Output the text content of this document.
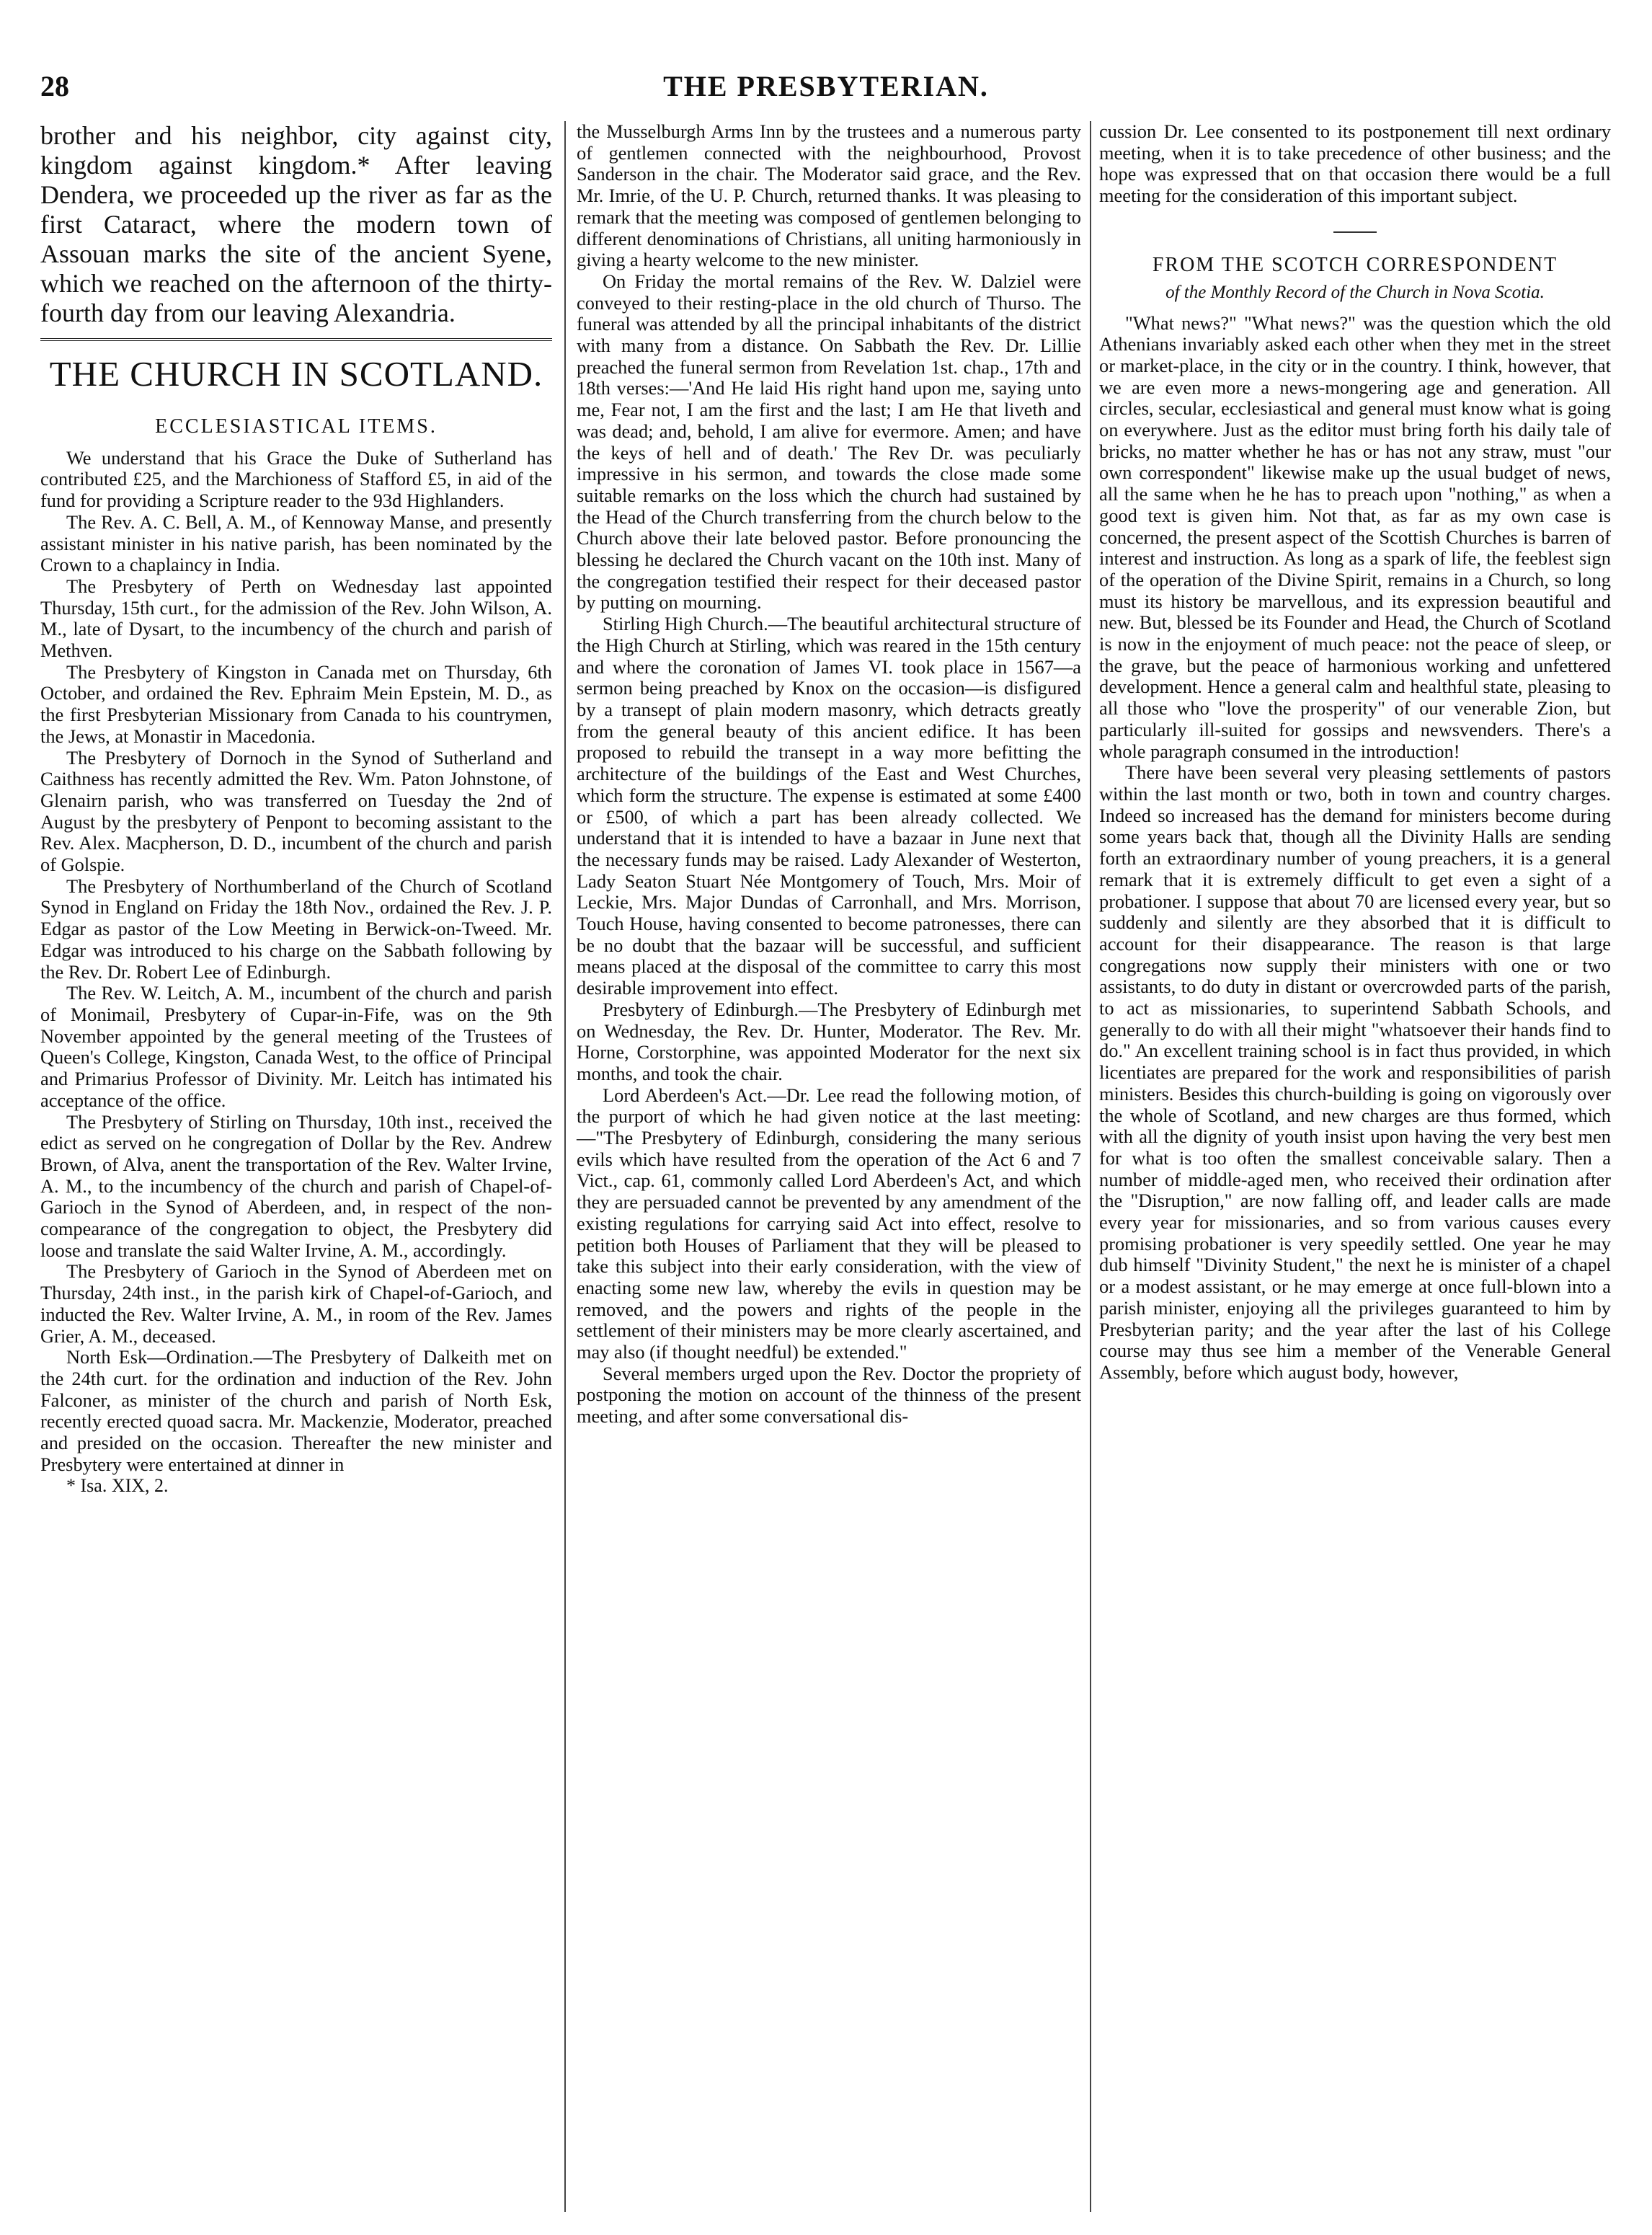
28	THE PRESBYTERIAN.

brother and his neighbor, city against city, kingdom against kingdom.* After leaving Dendera, we proceeded up the river as far as the first Cataract, where the modern town of Assouan marks the site of the ancient Syene, which we reached on the afternoon of the thirty-fourth day from our leaving Alexandria.

THE CHURCH IN SCOTLAND.
ECCLESIASTICAL ITEMS.

We understand that his Grace the Duke of Sutherland has contributed £25, and the Marchioness of Stafford £5, in aid of the fund for providing a Scripture reader to the 93d Highlanders.

The Rev. A. C. Bell, A. M., of Kennoway Manse, and presently assistant minister in his native parish, has been nominated by the Crown to a chaplaincy in India.

The Presbytery of Perth on Wednesday last appointed Thursday, 15th curt., for the admission of the Rev. John Wilson, A. M., late of Dysart, to the incumbency of the church and parish of Methven.

The Presbytery of Kingston in Canada met on Thursday, 6th October, and ordained the Rev. Ephraim Mein Epstein, M. D., as the first Presbyterian Missionary from Canada to his countrymen, the Jews, at Monastir in Macedonia.

The Presbytery of Dornoch in the Synod of Sutherland and Caithness has recently admitted the Rev. Wm. Paton Johnstone, of Glenairn parish, who was transferred on Tuesday the 2nd of August by the presbytery of Penpont to becoming assistant to the Rev. Alex. Macpherson, D. D., incumbent of the church and parish of Golspie.

The Presbytery of Northumberland of the Church of Scotland Synod in England on Friday the 18th Nov., ordained the Rev. J. P. Edgar as pastor of the Low Meeting in Berwick-on-Tweed. Mr. Edgar was introduced to his charge on the Sabbath following by the Rev. Dr. Robert Lee of Edinburgh.

The Rev. W. Leitch, A. M., incumbent of the church and parish of Monimail, Presbytery of Cupar-in-Fife, was on the 9th November appointed by the general meeting of the Trustees of Queen's College, Kingston, Canada West, to the office of Principal and Primarius Professor of Divinity. Mr. Leitch has intimated his acceptance of the office.

The Presbytery of Stirling on Thursday, 10th inst., received the edict as served on he congregation of Dollar by the Rev. Andrew Brown, of Alva, anent the transportation of the Rev. Walter Irvine, A. M., to the incumbency of the church and parish of Chapel-of-Garioch in the Synod of Aberdeen, and, in respect of the non-compearance of the congregation to object, the Presbytery did loose and translate the said Walter Irvine, A. M., accordingly.

The Presbytery of Garioch in the Synod of Aberdeen met on Thursday, 24th inst., in the parish kirk of Chapel-of-Garioch, and inducted the Rev. Walter Irvine, A. M., in room of the Rev. James Grier, A. M., deceased.

North Esk—Ordination.—The Presbytery of Dalkeith met on the 24th curt. for the ordination and induction of the Rev. John Falconer, as minister of the church and parish of North Esk, recently erected quoad sacra. Mr. Mackenzie, Moderator, preached and presided on the occasion. Thereafter the new minister and Presbytery were entertained at dinner in

* Isa. XIX, 2.

the Musselburgh Arms Inn by the trustees and a numerous party of gentlemen connected with the neighbourhood, Provost Sanderson in the chair. The Moderator said grace, and the Rev. Mr. Imrie, of the U. P. Church, returned thanks. It was pleasing to remark that the meeting was composed of gentlemen belonging to different denominations of Christians, all uniting harmoniously in giving a hearty welcome to the new minister.

On Friday the mortal remains of the Rev. W. Dalziel were conveyed to their resting-place in the old church of Thurso. The funeral was attended by all the principal inhabitants of the district with many from a distance. On Sabbath the Rev. Dr. Lillie preached the funeral sermon from Revelation 1st. chap., 17th and 18th verses:—'And He laid His right hand upon me, saying unto me, Fear not, I am the first and the last; I am He that liveth and was dead; and, behold, I am alive for evermore. Amen; and have the keys of hell and of death.' The Rev Dr. was peculiarly impressive in his sermon, and towards the close made some suitable remarks on the loss which the church had sustained by the Head of the Church transferring from the church below to the Church above their late beloved pastor. Before pronouncing the blessing he declared the Church vacant on the 10th inst. Many of the congregation testified their respect for their deceased pastor by putting on mourning.

Stirling High Church.—The beautiful architectural structure of the High Church at Stirling, which was reared in the 15th century and where the coronation of James VI. took place in 1567—a sermon being preached by Knox on the occasion—is disfigured by a transept of plain modern masonry, which detracts greatly from the general beauty of this ancient edifice. It has been proposed to rebuild the transept in a way more befitting the architecture of the buildings of the East and West Churches, which form the structure. The expense is estimated at some £400 or £500, of which a part has been already collected. We understand that it is intended to have a bazaar in June next that the necessary funds may be raised. Lady Alexander of Westerton, Lady Seaton Stuart Née Montgomery of Touch, Mrs. Moir of Leckie, Mrs. Major Dundas of Carronhall, and Mrs. Morrison, Touch House, having consented to become patronesses, there can be no doubt that the bazaar will be successful, and sufficient means placed at the disposal of the committee to carry this most desirable improvement into effect.

Presbytery of Edinburgh.—The Presbytery of Edinburgh met on Wednesday, the Rev. Dr. Hunter, Moderator. The Rev. Mr. Horne, Corstorphine, was appointed Moderator for the next six months, and took the chair.

Lord Aberdeen's Act.—Dr. Lee read the following motion, of the purport of which he had given notice at the last meeting:—"The Presbytery of Edinburgh, considering the many serious evils which have resulted from the operation of the Act 6 and 7 Vict., cap. 61, commonly called Lord Aberdeen's Act, and which they are persuaded cannot be prevented by any amendment of the existing regulations for carrying said Act into effect, resolve to petition both Houses of Parliament that they will be pleased to take this subject into their early consideration, with the view of enacting some new law, whereby the evils in question may be removed, and the powers and rights of the people in the settlement of their ministers may be more clearly ascertained, and may also (if thought needful) be extended."

Several members urged upon the Rev. Doctor the propriety of postponing the motion on account of the thinness of the present meeting, and after some conversational dis-

cussion Dr. Lee consented to its postponement till next ordinary meeting, when it is to take precedence of other business; and the hope was expressed that on that occasion there would be a full meeting for the consideration of this important subject.

FROM THE SCOTCH CORRESPONDENT
of the Monthly Record of the Church in Nova Scotia.

"What news?" "What news?" was the question which the old Athenians invariably asked each other when they met in the street or market-place, in the city or in the country. I think, however, that we are even more a news-mongering age and generation. All circles, secular, ecclesiastical and general must know what is going on everywhere. Just as the editor must bring forth his daily tale of bricks, no matter whether he has or has not any straw, must "our own correspondent" likewise make up the usual budget of news, all the same when he he has to preach upon "nothing," as when a good text is given him. Not that, as far as my own case is concerned, the present aspect of the Scottish Churches is barren of interest and instruction. As long as a spark of life, the feeblest sign of the operation of the Divine Spirit, remains in a Church, so long must its history be marvellous, and its expression beautiful and new. But, blessed be its Founder and Head, the Church of Scotland is now in the enjoyment of much peace: not the peace of sleep, or the grave, but the peace of harmonious working and unfettered development. Hence a general calm and healthful state, pleasing to all those who "love the prosperity" of our venerable Zion, but particularly ill-suited for gossips and newsvenders. There's a whole paragraph consumed in the introduction!

There have been several very pleasing settlements of pastors within the last month or two, both in town and country charges. Indeed so increased has the demand for ministers become during some years back that, though all the Divinity Halls are sending forth an extraordinary number of young preachers, it is a general remark that it is extremely difficult to get even a sight of a probationer. I suppose that about 70 are licensed every year, but so suddenly and silently are they absorbed that it is difficult to account for their disappearance. The reason is that large congregations now supply their ministers with one or two assistants, to do duty in distant or overcrowded parts of the parish, to act as missionaries, to superintend Sabbath Schools, and generally to do with all their might "whatsoever their hands find to do." An excellent training school is in fact thus provided, in which licentiates are prepared for the work and responsibilities of parish ministers. Besides this church-building is going on vigorously over the whole of Scotland, and new charges are thus formed, which with all the dignity of youth insist upon having the very best men for what is too often the smallest conceivable salary. Then a number of middle-aged men, who received their ordination after the "Disruption," are now falling off, and leader calls are made every year for missionaries, and so from various causes every promising probationer is very speedily settled. One year he may dub himself "Divinity Student," the next he is minister of a chapel or a modest assistant, or he may emerge at once full-blown into a parish minister, enjoying all the privileges guaranteed to him by Presbyterian parity; and the year after the last of his College course may thus see him a member of the Venerable General Assembly, before which august body, however,
